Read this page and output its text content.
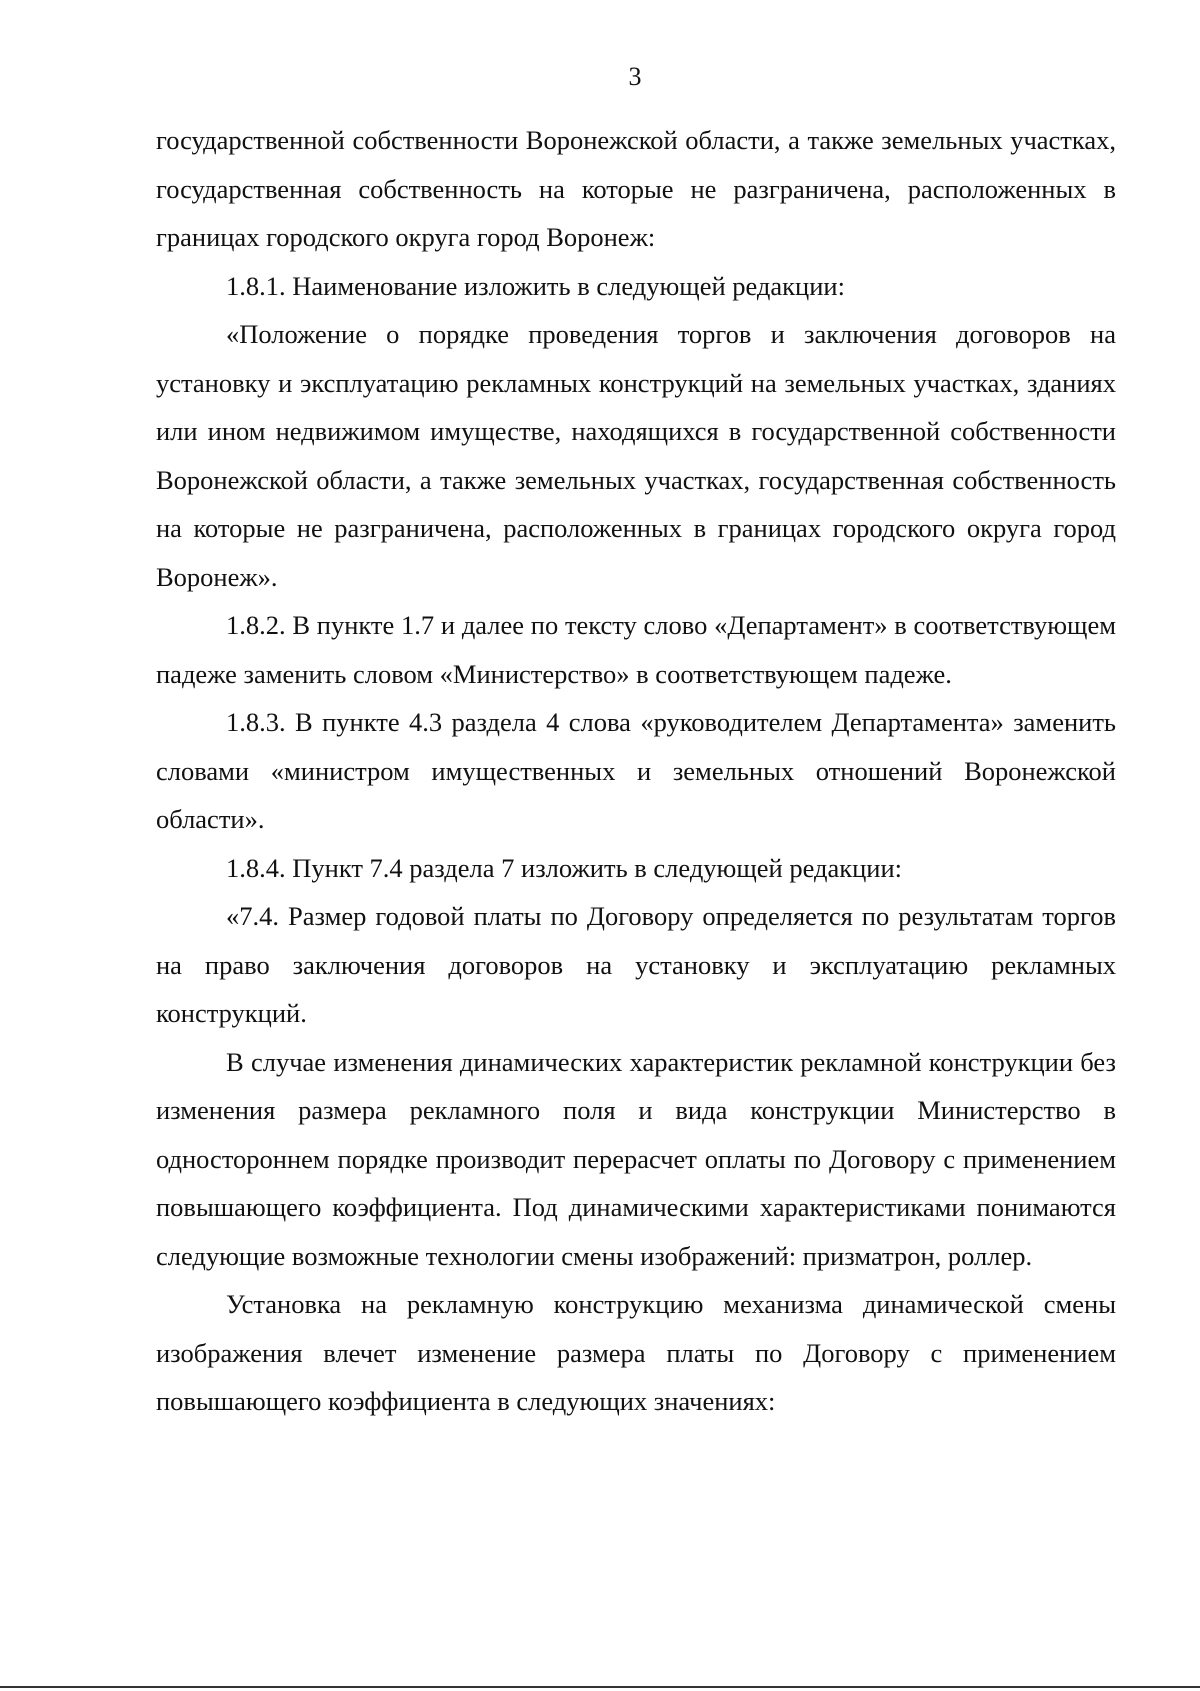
3

государственной собственности Воронежской области, а также земельных участках, государственная собственность на которые не разграничена, расположенных в границах городского округа город Воронеж:

1.8.1. Наименование изложить в следующей редакции:

«Положение о порядке проведения торгов и заключения договоров на установку и эксплуатацию рекламных конструкций на земельных участках, зданиях или ином недвижимом имуществе, находящихся в государственной собственности Воронежской области, а также земельных участках, государственная собственность на которые не разграничена, расположенных в границах городского округа город Воронеж».

1.8.2. В пункте 1.7 и далее по тексту слово «Департамент» в соответствующем падеже заменить словом «Министерство» в соответствующем падеже.

1.8.3. В пункте 4.3 раздела 4 слова «руководителем Департамента» заменить словами «министром имущественных и земельных отношений Воронежской области».

1.8.4. Пункт 7.4 раздела 7 изложить в следующей редакции:

«7.4. Размер годовой платы по Договору определяется по результатам торгов на право заключения договоров на установку и эксплуатацию рекламных конструкций.

В случае изменения динамических характеристик рекламной конструкции без изменения размера рекламного поля и вида конструкции Министерство в одностороннем порядке производит перерасчет оплаты по Договору с применением повышающего коэффициента. Под динамическими характеристиками понимаются следующие возможные технологии смены изображений: призматрон, роллер.

Установка на рекламную конструкцию механизма динамической смены изображения влечет изменение размера платы по Договору с применением повышающего коэффициента в следующих значениях:
